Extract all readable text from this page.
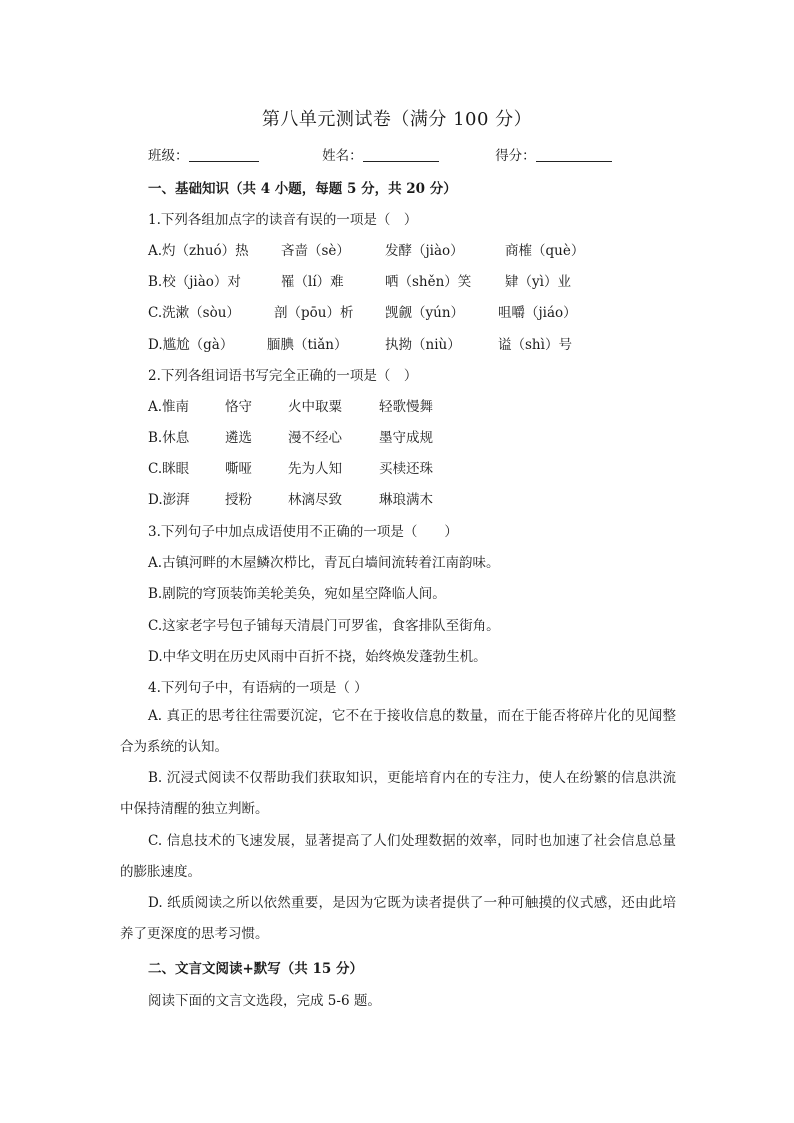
第八单元测试卷（满分 100 分）
班级：	姓名：	得分：
一、基础知识（共 4 小题，每题 5 分，共 20 分）
1.下列各组加点字的读音有误的一项是（　）
A.灼（zhuó）热 吝啬（sè）	发酵（jiào）	商榷（què）
B.校（jiào）对	罹（lí）难	哂（shěn）笑 肄（yì）业
C.洗漱（sòu）	剖（pōu）析 觊觎（yún）	咀嚼（jiáo）
D.尴尬（gà） 腼腆（tiǎn）	执拗（niù）	谥（shì）号
2.下列各组词语书写完全正确的一项是（　）
A.惟南	恪守	火中取粟	轻歌慢舞
B.休息	遴选	漫不经心	墨守成规
C.眯眼	嘶哑	先为人知	买椟还珠
D.澎湃	授粉	林漓尽致	琳琅满木
3.下列句子中加点成语使用不正确的一项是（　　）
A.古镇河畔的木屋鳞次栉比，青瓦白墙间流转着江南韵味。
B.剧院的穹顶装饰美轮美奂，宛如星空降临人间。
C.这家老字号包子铺每天清晨门可罗雀，食客排队至街角。
D.中华文明在历史风雨中百折不挠，始终焕发蓬勃生机。
4.下列句子中，有语病的一项是（ ）
A. 真正的思考往往需要沉淀，它不在于接收信息的数量，而在于能否将碎片化的见闻整合为系统的认知。
B. 沉浸式阅读不仅帮助我们获取知识，更能培育内在的专注力，使人在纷繁的信息洪流中保持清醒的独立判断。
C. 信息技术的飞速发展，显著提高了人们处理数据的效率，同时也加速了社会信息总量的膨胀速度。
D. 纸质阅读之所以依然重要，是因为它既为读者提供了一种可触摸的仪式感，还由此培养了更深度的思考习惯。
二、文言文阅读+默写（共 15 分）
阅读下面的文言文选段，完成 5-6 题。
